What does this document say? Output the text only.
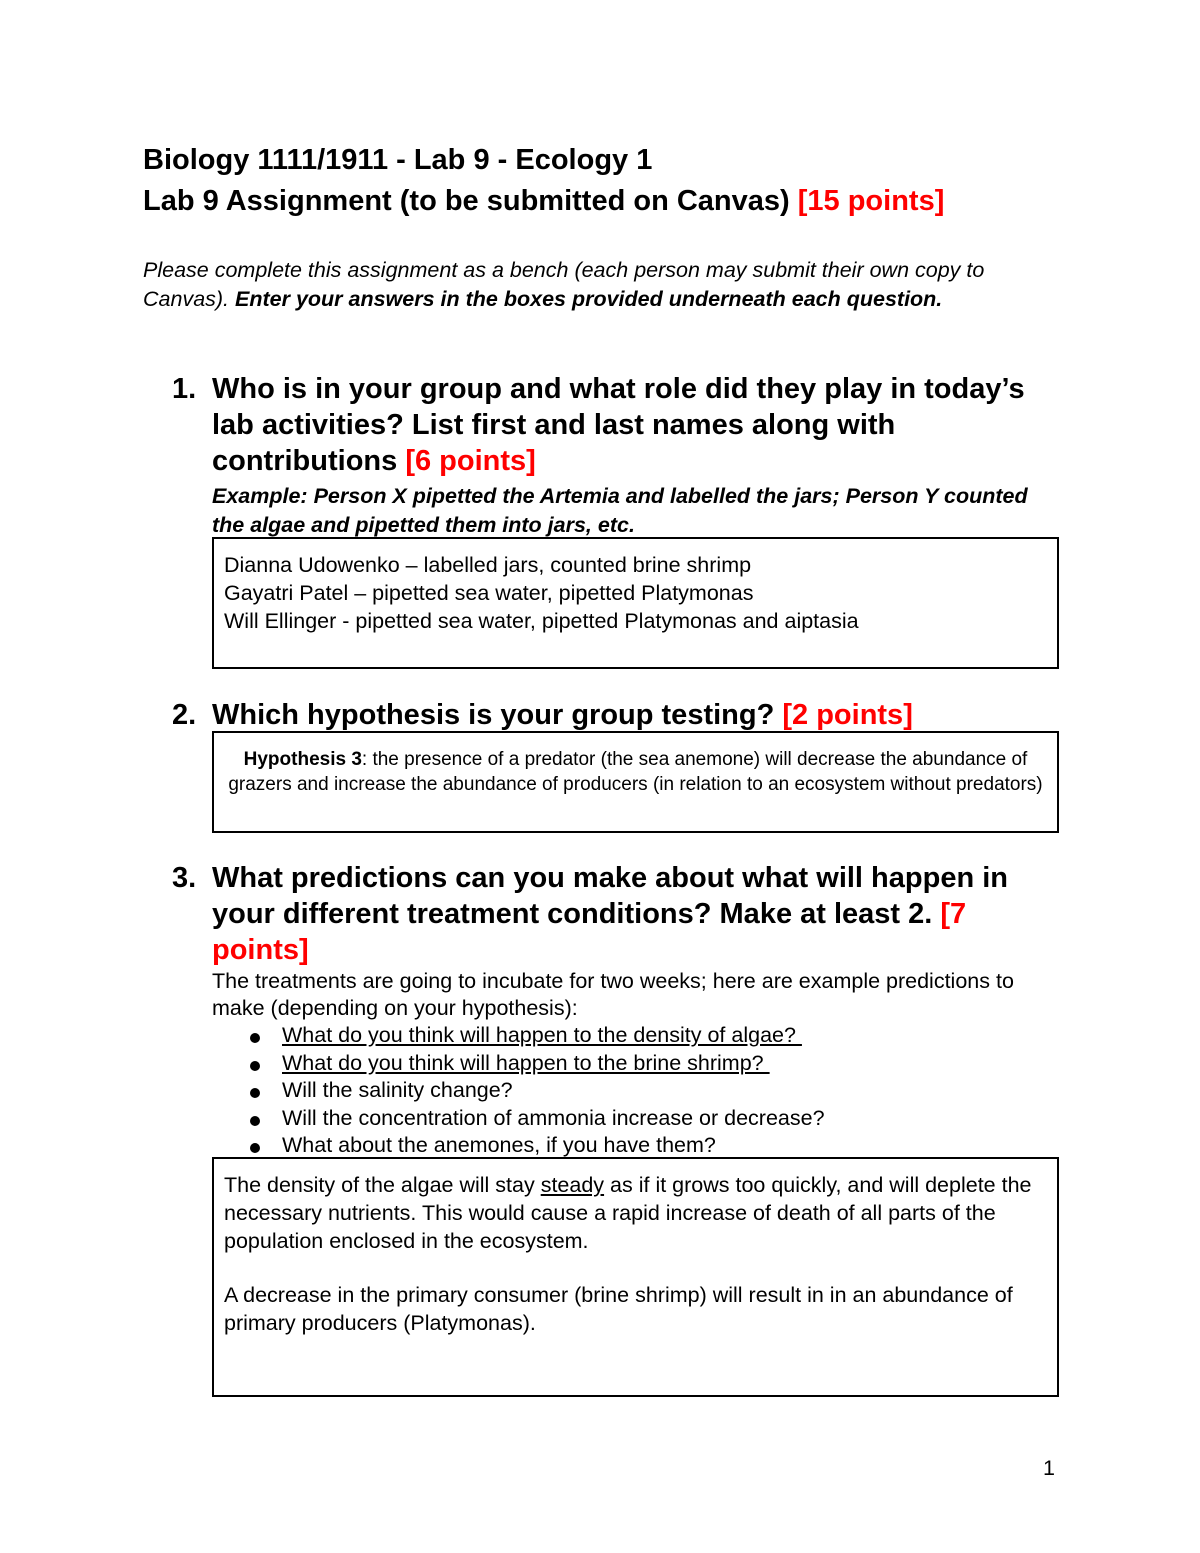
Biology 1111/1911 - Lab 9 - Ecology 1
Lab 9 Assignment (to be submitted on Canvas) [15 points]
Please complete this assignment as a bench (each person may submit their own copy to Canvas). Enter your answers in the boxes provided underneath each question.
1. Who is in your group and what role did they play in today’s lab activities? List first and last names along with contributions [6 points]
Example: Person X pipetted the Artemia and labelled the jars; Person Y counted the algae and pipetted them into jars, etc.
Dianna Udowenko – labelled jars, counted brine shrimp
Gayatri Patel – pipetted sea water, pipetted Platymonas
Will Ellinger - pipetted sea water, pipetted Platymonas and aiptasia
2. Which hypothesis is your group testing? [2 points]
Hypothesis 3: the presence of a predator (the sea anemone) will decrease the abundance of grazers and increase the abundance of producers (in relation to an ecosystem without predators)
3. What predictions can you make about what will happen in your different treatment conditions? Make at least 2. [7 points]
The treatments are going to incubate for two weeks; here are example predictions to make (depending on your hypothesis):
What do you think will happen to the density of algae?
What do you think will happen to the brine shrimp?
Will the salinity change?
Will the concentration of ammonia increase or decrease?
What about the anemones, if you have them?

The density of the algae will stay steady as if it grows too quickly, and will deplete the necessary nutrients. This would cause a rapid increase of death of all parts of the population enclosed in the ecosystem.

A decrease in the primary consumer (brine shrimp) will result in in an abundance of primary producers (Platymonas).

1
